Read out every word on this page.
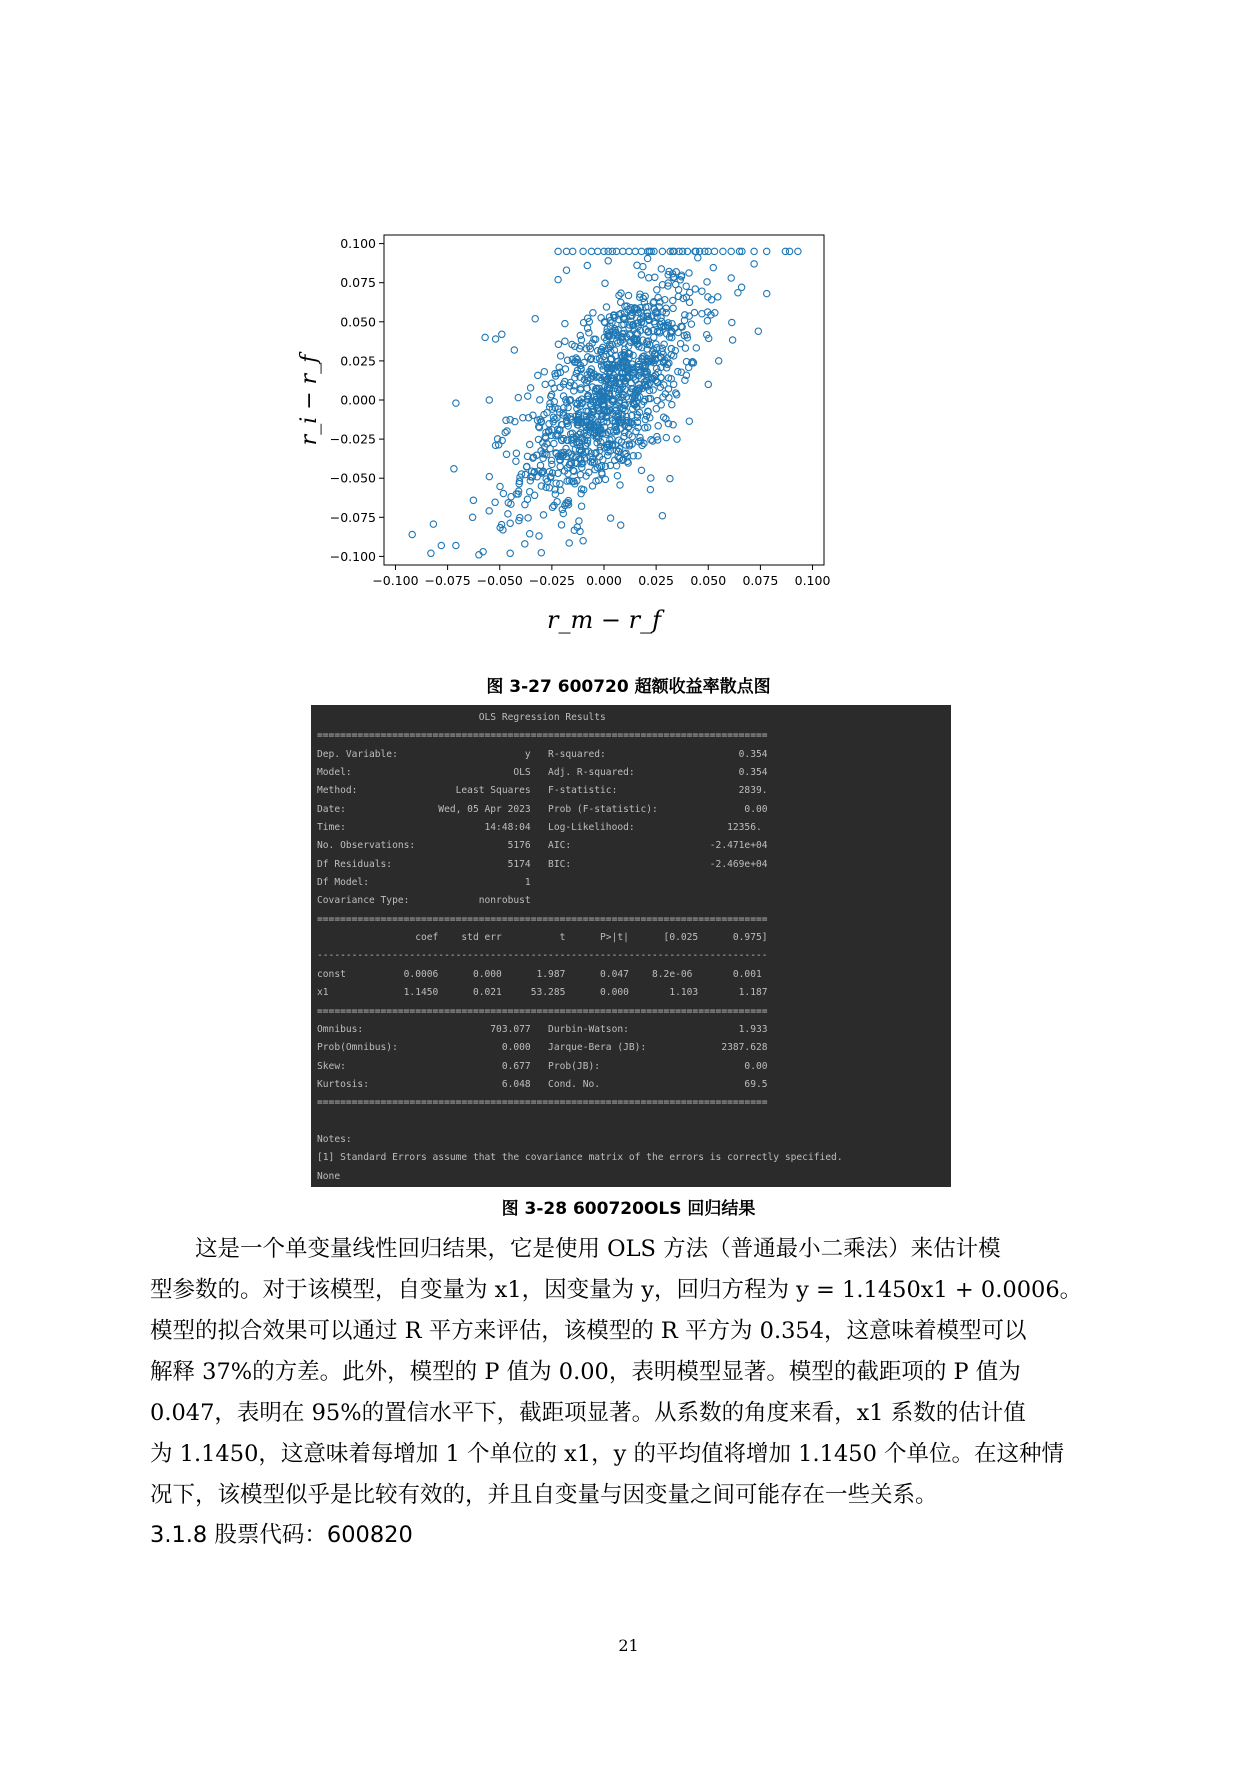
−0.100 −0.075 −0.050 −0.025 0.000 0.025 0.050 0.075 0.100
0.100
0.075
0.050
0.025
0.000
−0.025
−0.050
−0.075
−0.100
r_m − r_f
r_i − r_f
图 3-27 600720 超额收益率散点图
OLS Regression Results
==============================================================================
Dep. Variable:                      y   R-squared:                       0.354
Model:                            OLS   Adj. R-squared:                  0.354
Method:                 Least Squares   F-statistic:                     2839.
Date:                Wed, 05 Apr 2023   Prob (F-statistic):               0.00
Time:                        14:48:04   Log-Likelihood:                12356.
No. Observations:                5176   AIC:                        -2.471e+04
Df Residuals:                    5174   BIC:                        -2.469e+04
Df Model:                           1
Covariance Type:            nonrobust
==============================================================================
coef    std err          t      P>|t|      [0.025      0.975]
------------------------------------------------------------------------------
const          0.0006      0.000      1.987      0.047    8.2e-06       0.001
x1             1.1450      0.021     53.285      0.000       1.103       1.187
==============================================================================
Omnibus:                      703.077   Durbin-Watson:                   1.933
Prob(Omnibus):                  0.000   Jarque-Bera (JB):             2387.628
Skew:                           0.677   Prob(JB):                         0.00
Kurtosis:                       6.048   Cond. No.                         69.5
==============================================================================

Notes:
[1] Standard Errors assume that the covariance matrix of the errors is correctly specified.
None
图 3-28 600720OLS 回归结果
这是一个单变量线性回归结果，它是使用 OLS 方法（普通最小二乘法）来估计模
型参数的。对于该模型，自变量为 x1，因变量为 y，回归方程为 y = 1.1450x1 + 0.0006。
模型的拟合效果可以通过 R 平方来评估，该模型的 R 平方为 0.354，这意味着模型可以
解释 37%的方差。此外，模型的 P 值为 0.00，表明模型显著。模型的截距项的 P 值为
0.047，表明在 95%的置信水平下，截距项显著。从系数的角度来看，x1 系数的估计值
为 1.1450，这意味着每增加 1 个单位的 x1，y 的平均值将增加 1.1450 个单位。在这种情
况下，该模型似乎是比较有效的，并且自变量与因变量之间可能存在一些关系。
3.1.8 股票代码：600820
21
